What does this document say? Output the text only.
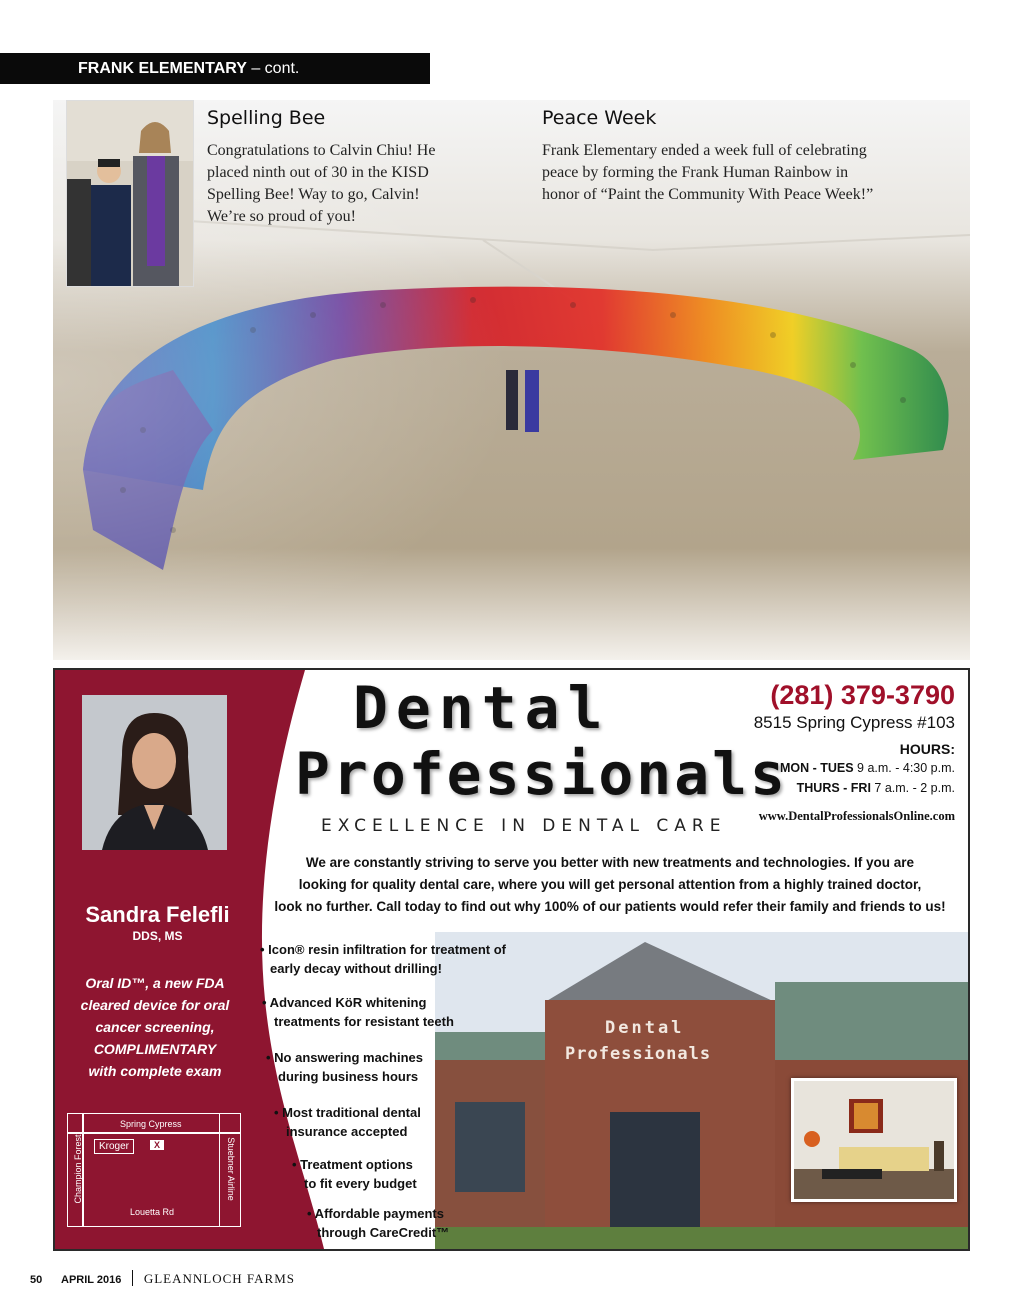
FRANK ELEMENTARY – cont.
Spelling Bee
Congratulations to Calvin Chiu! He
placed ninth out of 30 in the KISD
Spelling Bee! Way to go, Calvin!
We’re so proud of you!
Peace Week
Frank Elementary ended a week full of celebrating
peace by forming the Frank Human Rainbow in
honor of “Paint the Community With Peace Week!”
Sandra Felefli
DDS, MS
Oral ID™, a new FDA
cleared device for oral
cancer screening,
COMPLIMENTARY
with complete exam
Spring Cypress
Louetta Rd
Champion Forest	Stuebner Airline
Kroger	X
Dental
Professionals
EXCELLENCE IN DENTAL CARE
(281) 379-3790
8515 Spring Cypress #103
HOURS:
MON - TUES 9 a.m. - 4:30 p.m.
THURS - FRI 7 a.m. - 2 p.m.
www.DentalProfessionalsOnline.com
We are constantly striving to serve you better with new treatments and technologies. If you are
looking for quality dental care, where you will get personal attention from a highly trained doctor,
look no further. Call today to find out why 100% of our patients would refer their family and friends to us!
Dental
Professionals
• Icon® resin infiltration for treatment of
early decay without drilling!
• Advanced KöR whitening
treatments for resistant teeth
• No answering machines
during business hours
• Most traditional dental
insurance accepted
• Treatment options
to fit every budget
• Affordable payments
through CareCredit™
50 APRIL 2016 GLEANNLOCH FARMS
